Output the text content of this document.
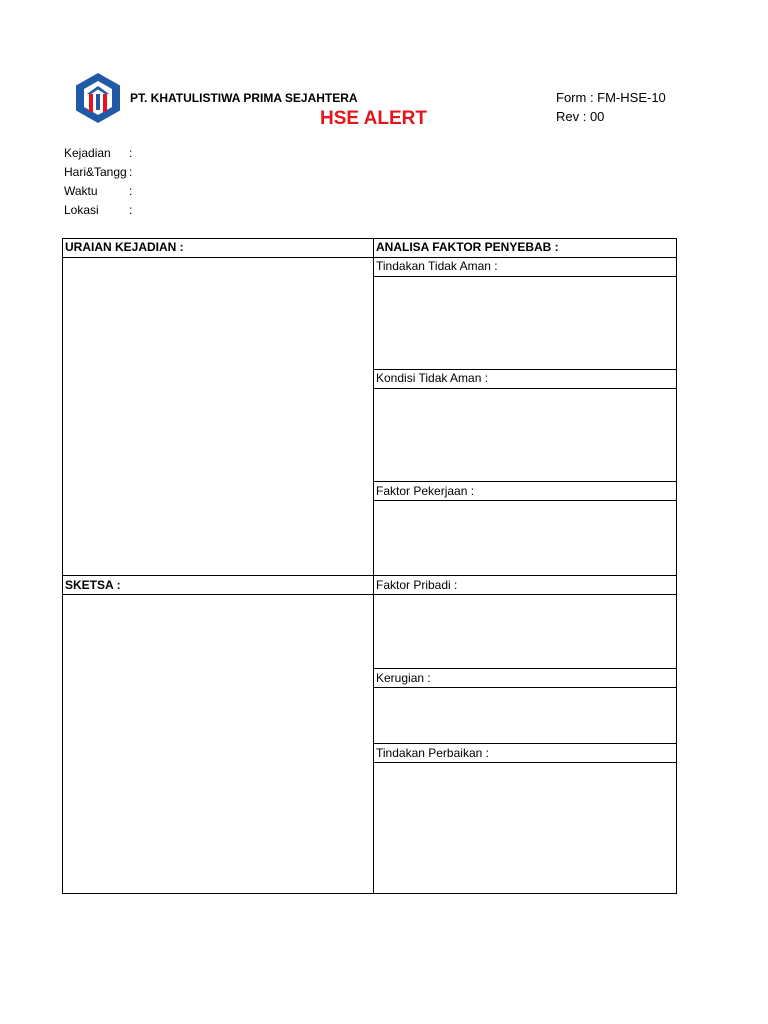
PT. KHATULISTIWA PRIMA SEJAHTERA
HSE ALERT
Form : FM-HSE-10
Rev : 00
Kejadian :
Hari&Tangg :
Waktu	:
Lokasi	:
URAIAN KEJADIAN :	ANALISA FAKTOR PENYEBAB :
Tindakan Tidak Aman :
Kondisi Tidak Aman :
Faktor Pekerjaan :
SKETSA :	Faktor Pribadi :
Kerugian :
Tindakan Perbaikan :
